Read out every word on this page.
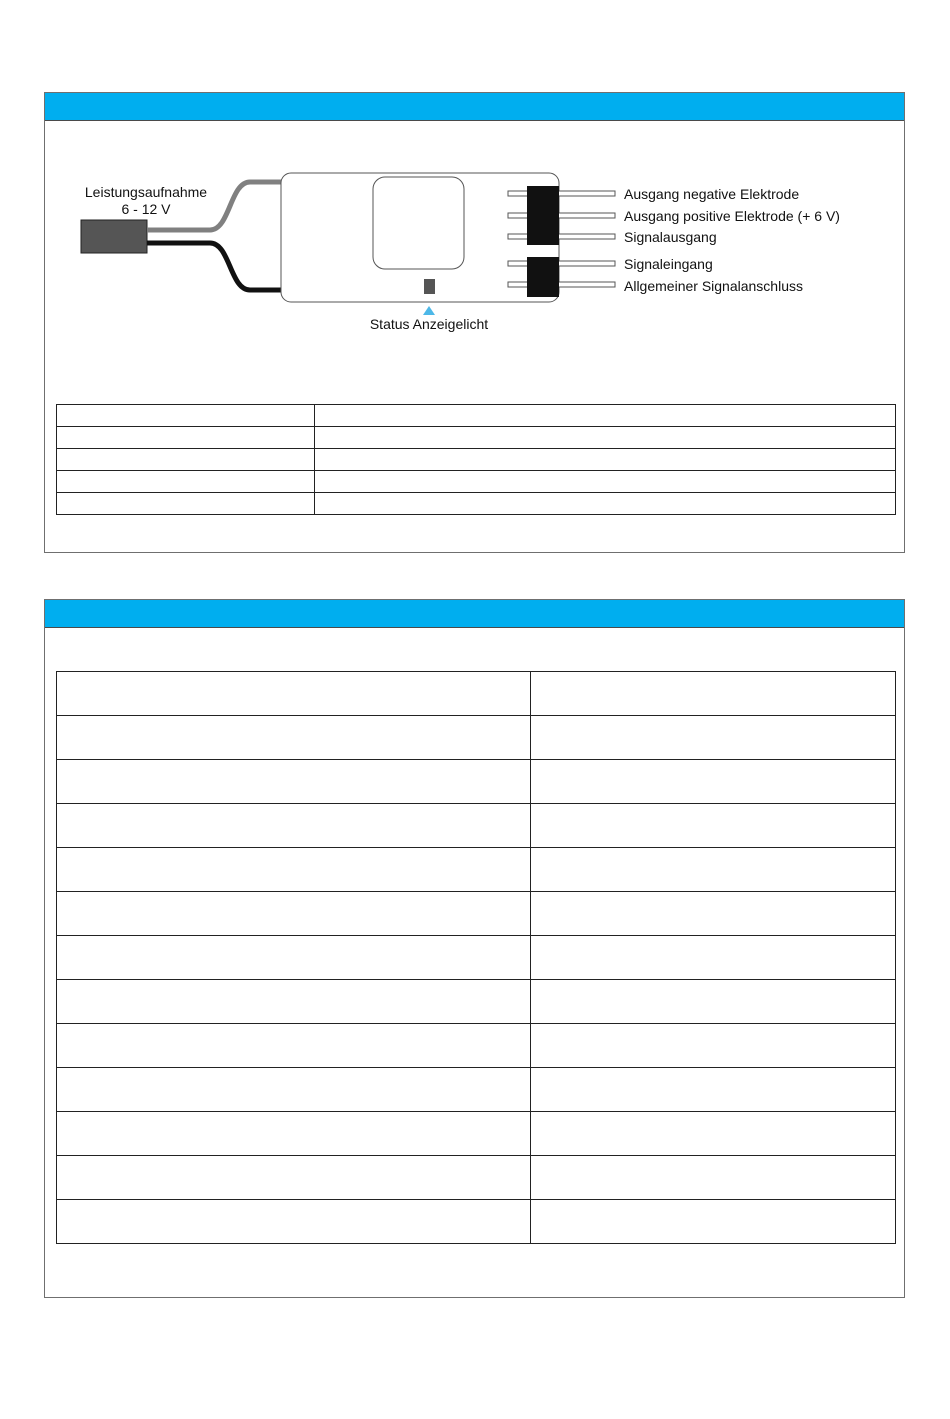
Leistungsaufnahme
6 - 12 V
Status Anzeigelicht
Ausgang negative Elektrode
Ausgang positive Elektrode (+ 6 V)
Signalausgang
Signaleingang
Allgemeiner Signalanschluss
